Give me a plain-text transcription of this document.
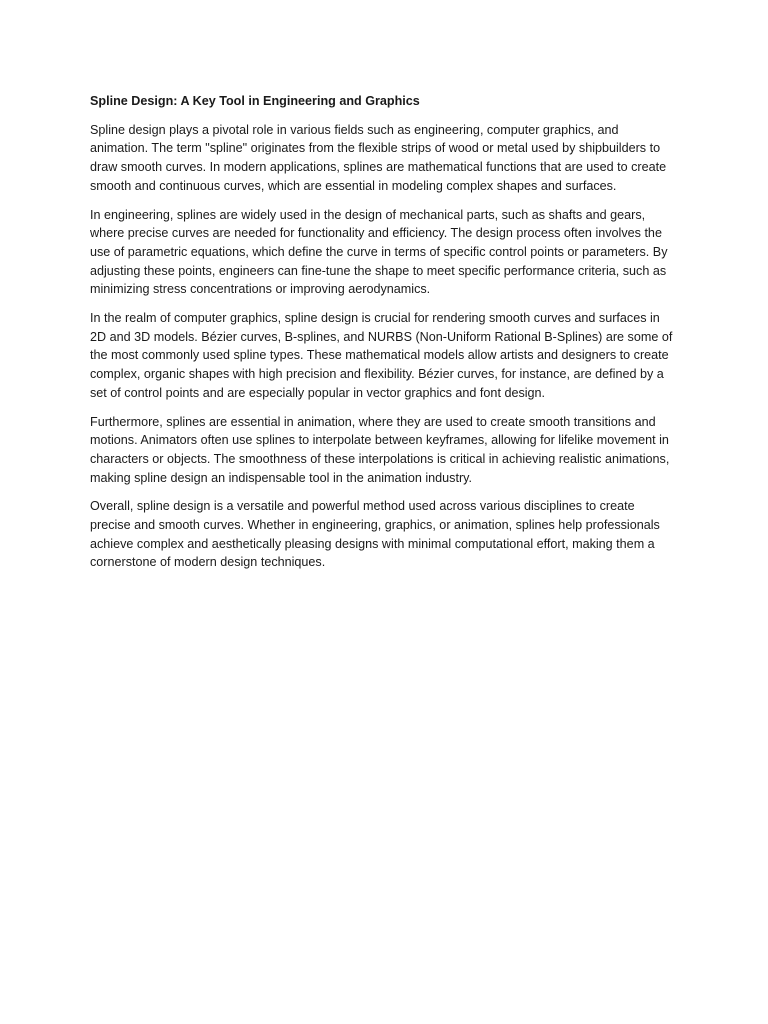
Spline Design: A Key Tool in Engineering and Graphics

Spline design plays a pivotal role in various fields such as engineering, computer graphics, and animation. The term "spline" originates from the flexible strips of wood or metal used by shipbuilders to draw smooth curves. In modern applications, splines are mathematical functions that are used to create smooth and continuous curves, which are essential in modeling complex shapes and surfaces.

In engineering, splines are widely used in the design of mechanical parts, such as shafts and gears, where precise curves are needed for functionality and efficiency. The design process often involves the use of parametric equations, which define the curve in terms of specific control points or parameters. By adjusting these points, engineers can fine-tune the shape to meet specific performance criteria, such as minimizing stress concentrations or improving aerodynamics.

In the realm of computer graphics, spline design is crucial for rendering smooth curves and surfaces in 2D and 3D models. Bézier curves, B-splines, and NURBS (Non-Uniform Rational B-Splines) are some of the most commonly used spline types. These mathematical models allow artists and designers to create complex, organic shapes with high precision and flexibility. Bézier curves, for instance, are defined by a set of control points and are especially popular in vector graphics and font design.

Furthermore, splines are essential in animation, where they are used to create smooth transitions and motions. Animators often use splines to interpolate between keyframes, allowing for lifelike movement in characters or objects. The smoothness of these interpolations is critical in achieving realistic animations, making spline design an indispensable tool in the animation industry.

Overall, spline design is a versatile and powerful method used across various disciplines to create precise and smooth curves. Whether in engineering, graphics, or animation, splines help professionals achieve complex and aesthetically pleasing designs with minimal computational effort, making them a cornerstone of modern design techniques.
